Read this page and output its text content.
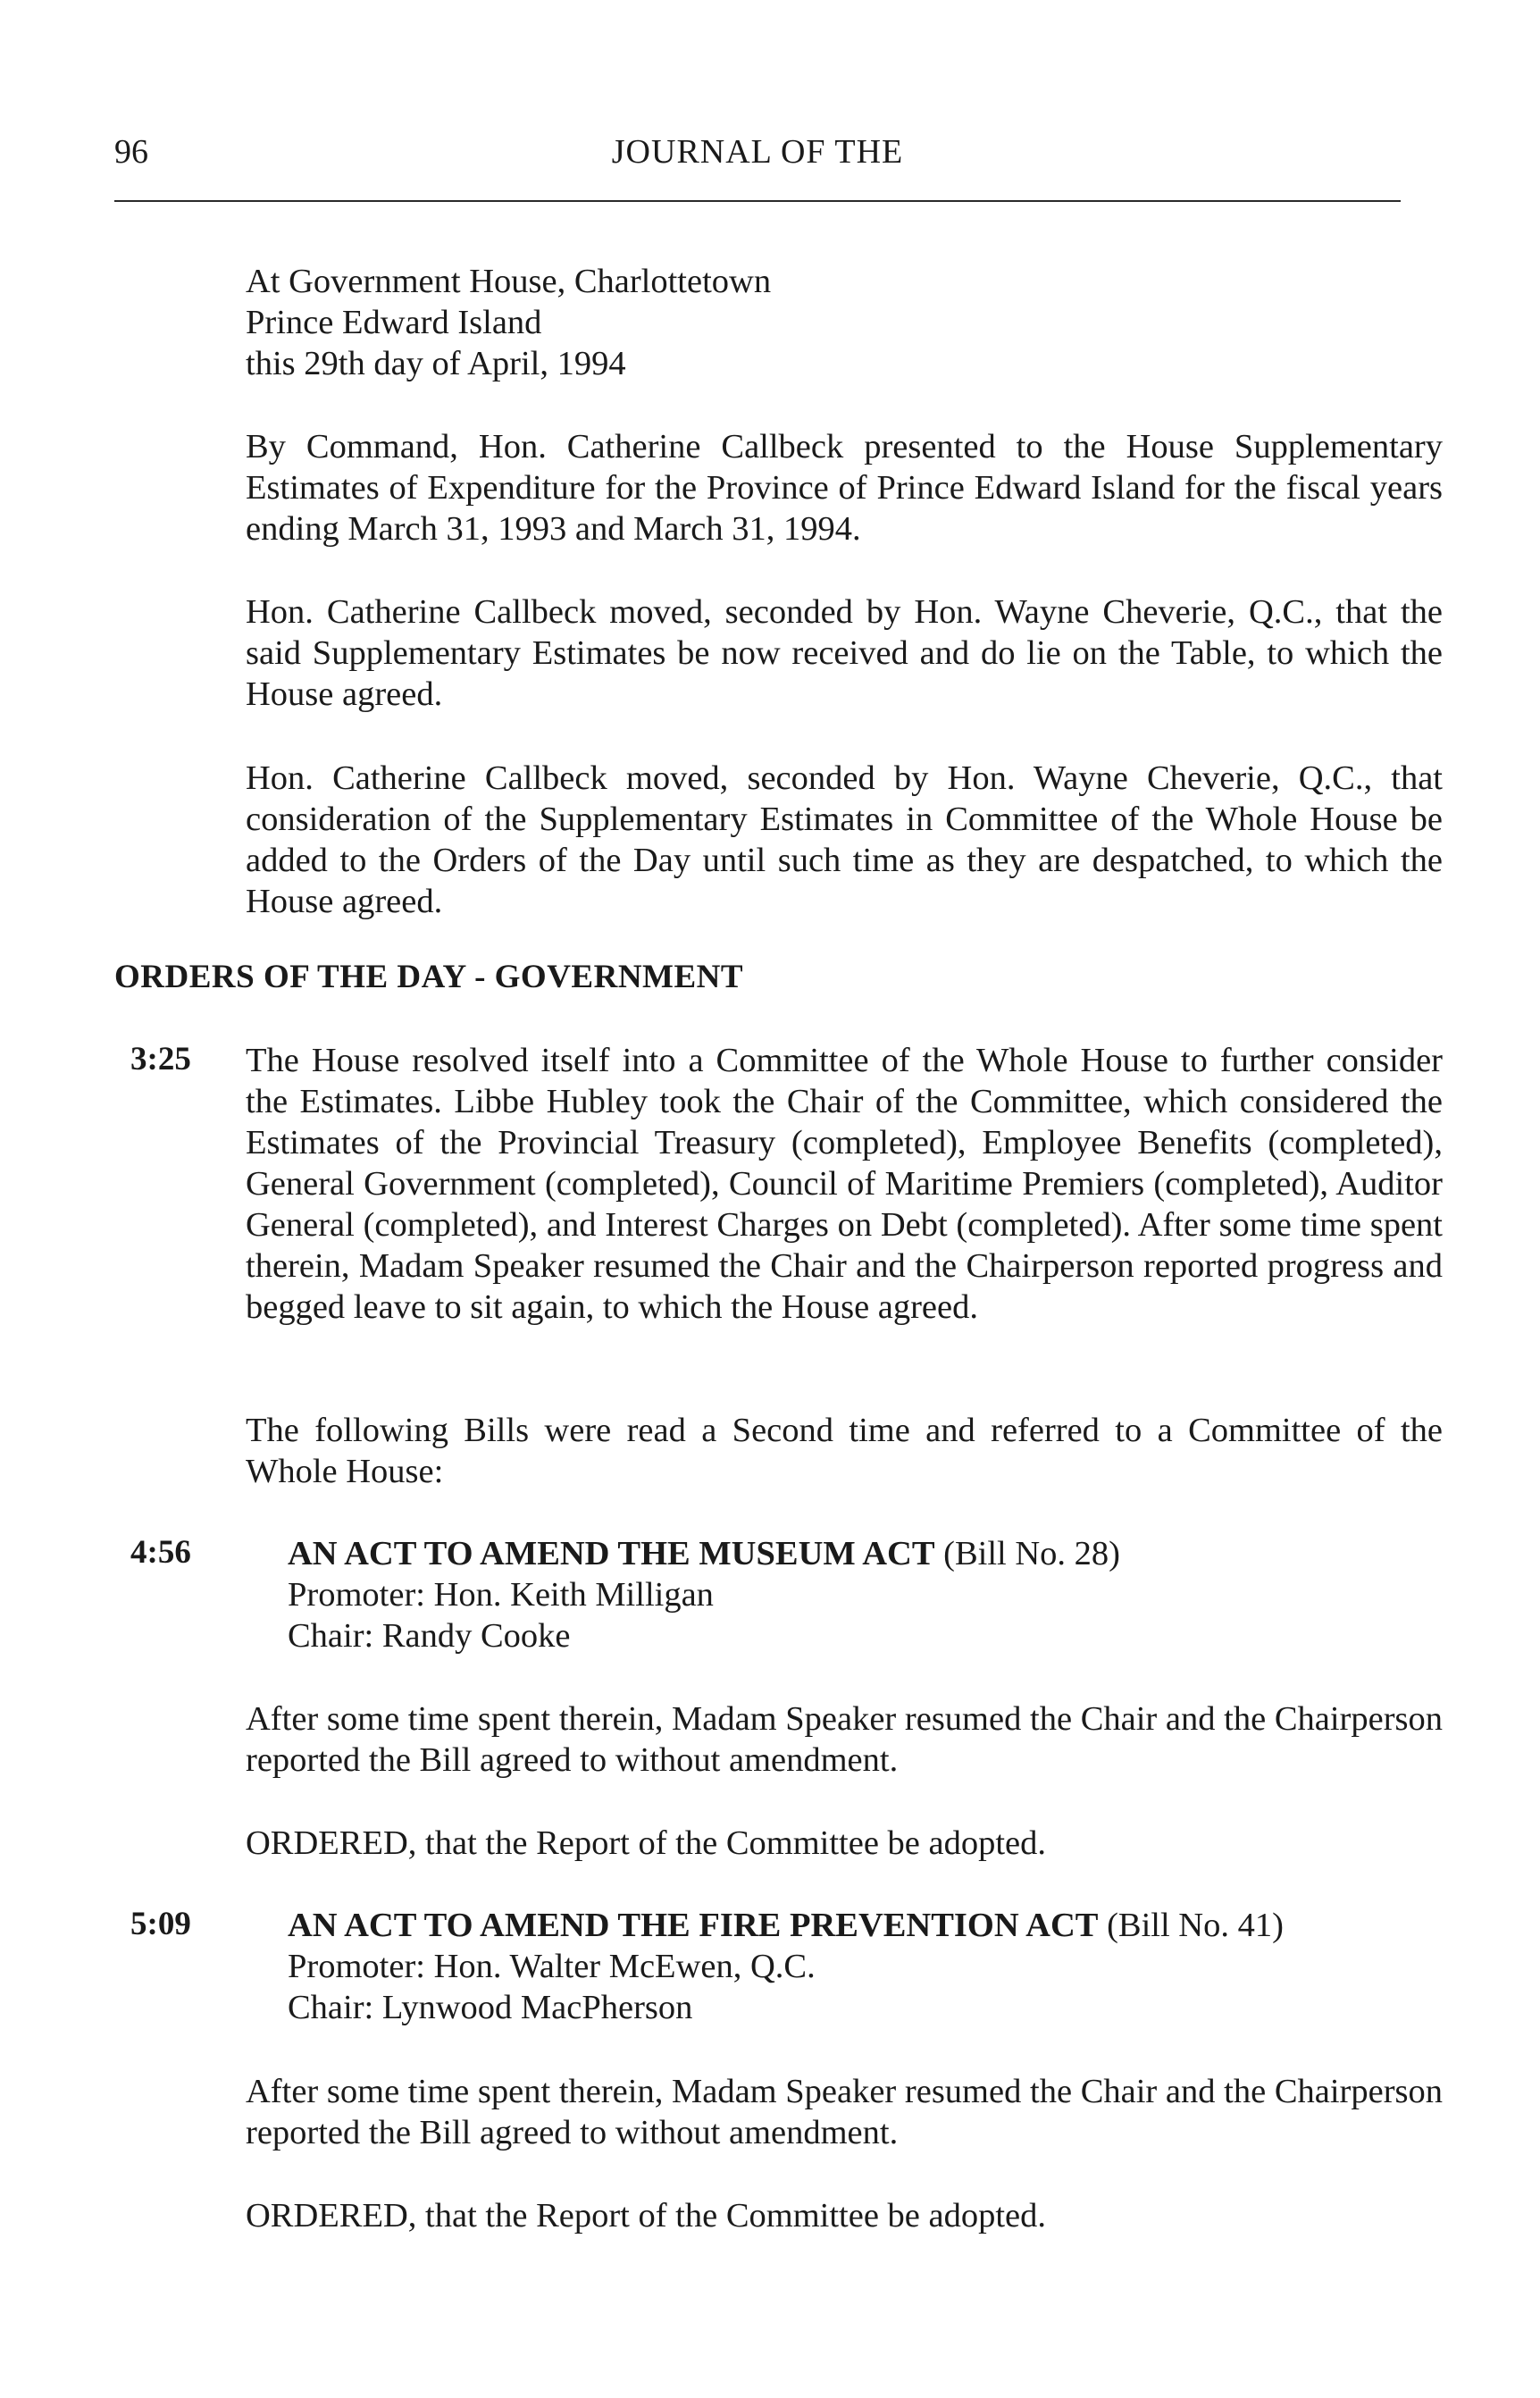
96	JOURNAL OF THE

At Government House, Charlottetown

Prince Edward Island

this 29th day of April, 1994

By Command, Hon. Catherine Callbeck presented to the House Supplementary Estimates of Expenditure for the Province of Prince Edward Island for the fiscal years ending March 31, 1993 and March 31, 1994.

Hon. Catherine Callbeck moved, seconded by Hon. Wayne Cheverie, Q.C., that the said Supplementary Estimates be now received and do lie on the Table, to which the House agreed.

Hon. Catherine Callbeck moved, seconded by Hon. Wayne Cheverie, Q.C., that consideration of the Supplementary Estimates in Committee of the Whole House be added to the Orders of the Day until such time as they are despatched, to which the House agreed.

ORDERS OF THE DAY - GOVERNMENT
3:25 The House resolved itself into a Committee of the Whole House to further consider the Estimates. Libbe Hubley took the Chair of the Committee, which considered the Estimates of the Provincial Treasury (completed), Employee Benefits (completed), General Government (completed), Council of Maritime Premiers (completed), Auditor General (completed), and Interest Charges on Debt (completed). After some time spent therein, Madam Speaker resumed the Chair and the Chairperson reported progress and begged leave to sit again, to which the House agreed.

The following Bills were read a Second time and referred to a Committee of the Whole House:

4:56	AN ACT TO AMEND THE MUSEUM ACT (Bill No. 28)
Promoter: Hon. Keith Milligan
Chair: Randy Cooke

After some time spent therein, Madam Speaker resumed the Chair and the Chairperson reported the Bill agreed to without amendment.

ORDERED, that the Report of the Committee be adopted.

5:09	AN ACT TO AMEND THE FIRE PREVENTION ACT (Bill No. 41)
Promoter: Hon. Walter McEwen, Q.C.
Chair: Lynwood MacPherson

After some time spent therein, Madam Speaker resumed the Chair and the Chairperson reported the Bill agreed to without amendment.

ORDERED, that the Report of the Committee be adopted.
